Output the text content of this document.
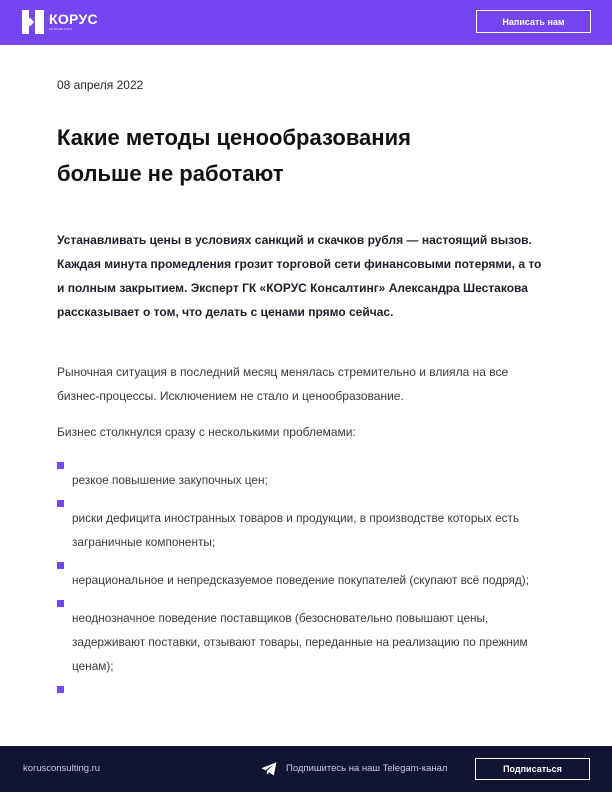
КОРУС
консалтинг
Написать нам
08 апреля 2022
Какие методы ценообразования больше не работают

Устанавливать цены в условиях санкций и скачков рубля — настоящий вызов. Каждая минута промедления грозит торговой сети финансовыми потерями, а то и полным закрытием. Эксперт ГК «КОРУС Консалтинг» Александра Шестакова рассказывает о том, что делать с ценами прямо сейчас.

Рыночная ситуация в последний месяц менялась стремительно и влияла на все бизнес-процессы. Исключением не стало и ценообразование.

Бизнес столкнулся сразу с несколькими проблемами:

резкое повышение закупочных цен;
риски дефицита иностранных товаров и продукции, в производстве которых есть заграничные компоненты;
нерациональное и непредсказуемое поведение покупателей (скупают всё подряд);
неоднозначное поведение поставщиков (безосновательно повышают цены, задерживают поставки, отзывают товары, переданные на реализацию по прежним ценам);
korusconsulting.ru	Подпишитесь на наш Telegam-канал	Подписаться
